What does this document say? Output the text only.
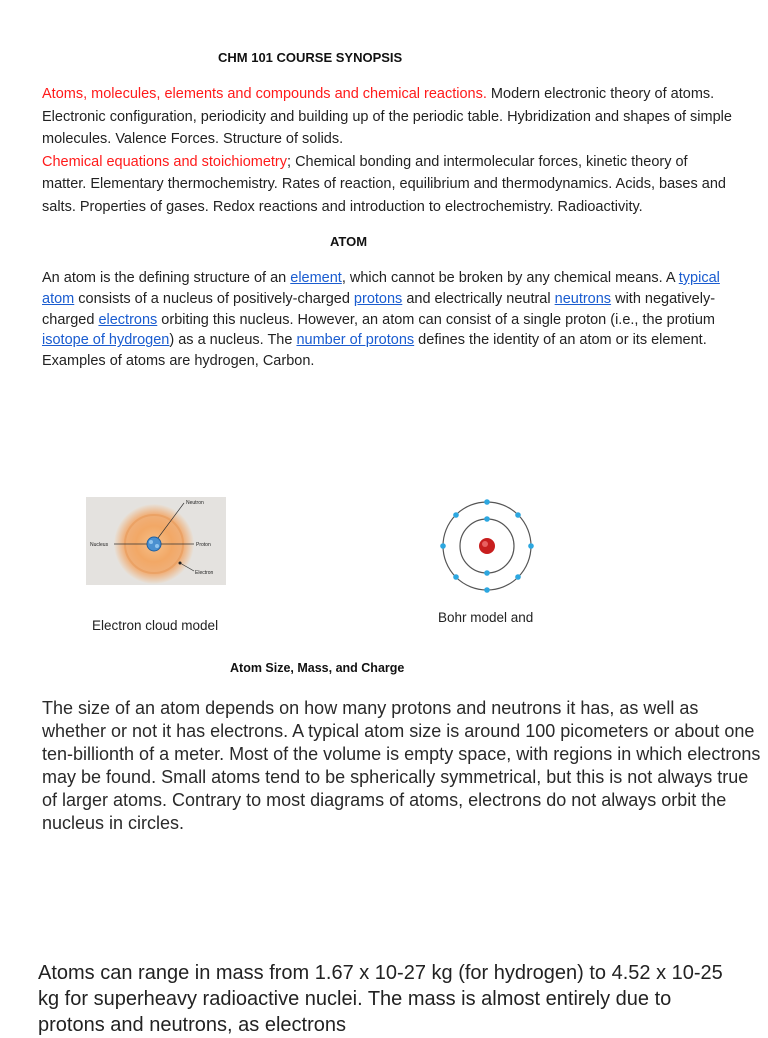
CHM 101 COURSE SYNOPSIS
Atoms, molecules, elements and compounds and chemical reactions. Modern electronic theory of atoms. Electronic configuration, periodicity and building up of the periodic table. Hybridization and shapes of simple molecules. Valence Forces. Structure of solids.
Chemical equations and stoichiometry; Chemical bonding and intermolecular forces, kinetic theory of matter. Elementary thermochemistry. Rates of reaction, equilibrium and thermodynamics. Acids, bases and salts. Properties of gases. Redox reactions and introduction to electrochemistry. Radioactivity.
ATOM
An atom is the defining structure of an element, which cannot be broken by any chemical means. A typical atom consists of a nucleus of positively-charged protons and electrically neutral neutrons with negatively-charged electrons orbiting this nucleus. However, an atom can consist of a single proton (i.e., the protium isotope of hydrogen) as a nucleus. The number of protons defines the identity of an atom or its element. Examples of atoms are hydrogen, Carbon.
Neutron
Nucleus	Proton
Electron
Electron cloud model
Bohr model and
Atom Size, Mass, and Charge
The size of an atom depends on how many protons and neutrons it has, as well as whether or not it has electrons. A typical atom size is around 100 picometers or about one ten-billionth of a meter. Most of the volume is empty space, with regions in which electrons may be found. Small atoms tend to be spherically symmetrical, but this is not always true of larger atoms. Contrary to most diagrams of atoms, electrons do not always orbit the nucleus in circles.
Atoms can range in mass from 1.67 x 10-27 kg (for hydrogen) to 4.52 x 10-25 kg for superheavy radioactive nuclei. The mass is almost entirely due to protons and neutrons, as electrons
